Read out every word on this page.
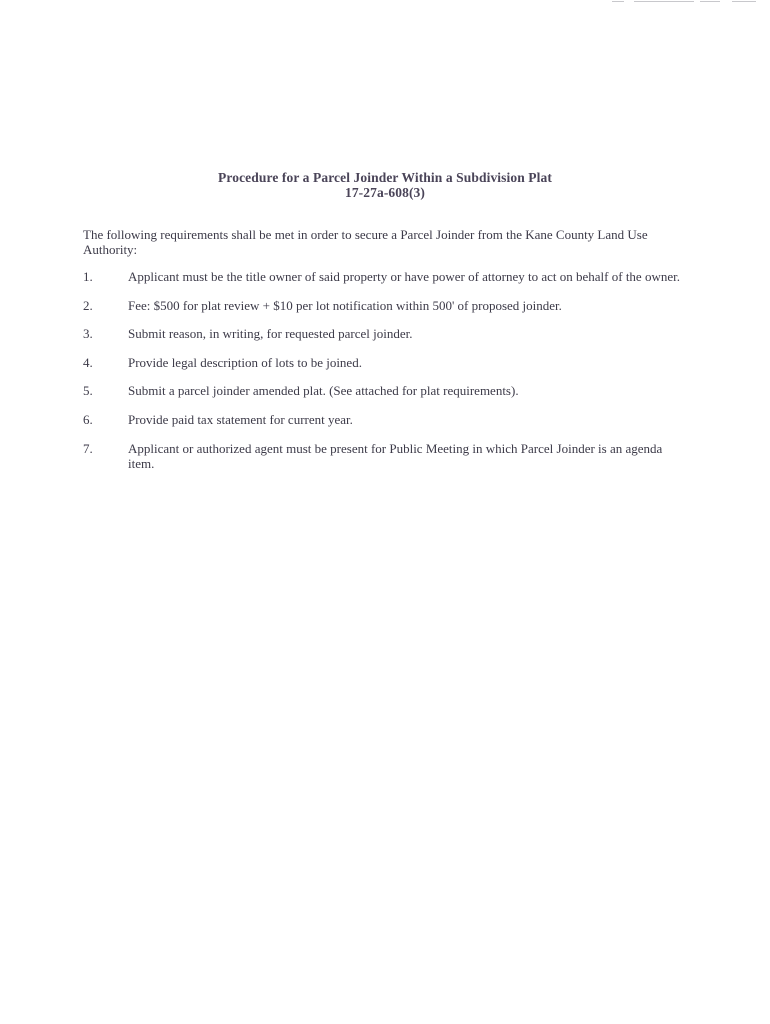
Procedure for a Parcel Joinder Within a Subdivision Plat
17-27a-608(3)
The following requirements shall be met in order to secure a Parcel Joinder from the Kane County Land Use Authority:
1.	Applicant must be the title owner of said property or have power of attorney to act on behalf of the owner.
2.	Fee: $500 for plat review + $10 per lot notification within 500' of proposed joinder.
3.	Submit reason, in writing, for requested parcel joinder.
4.	Provide legal description of lots to be joined.
5.	Submit a parcel joinder amended plat. (See attached for plat requirements).
6.	Provide paid tax statement for current year.
7.	Applicant or authorized agent must be present for Public Meeting in which Parcel Joinder is an agenda item.
